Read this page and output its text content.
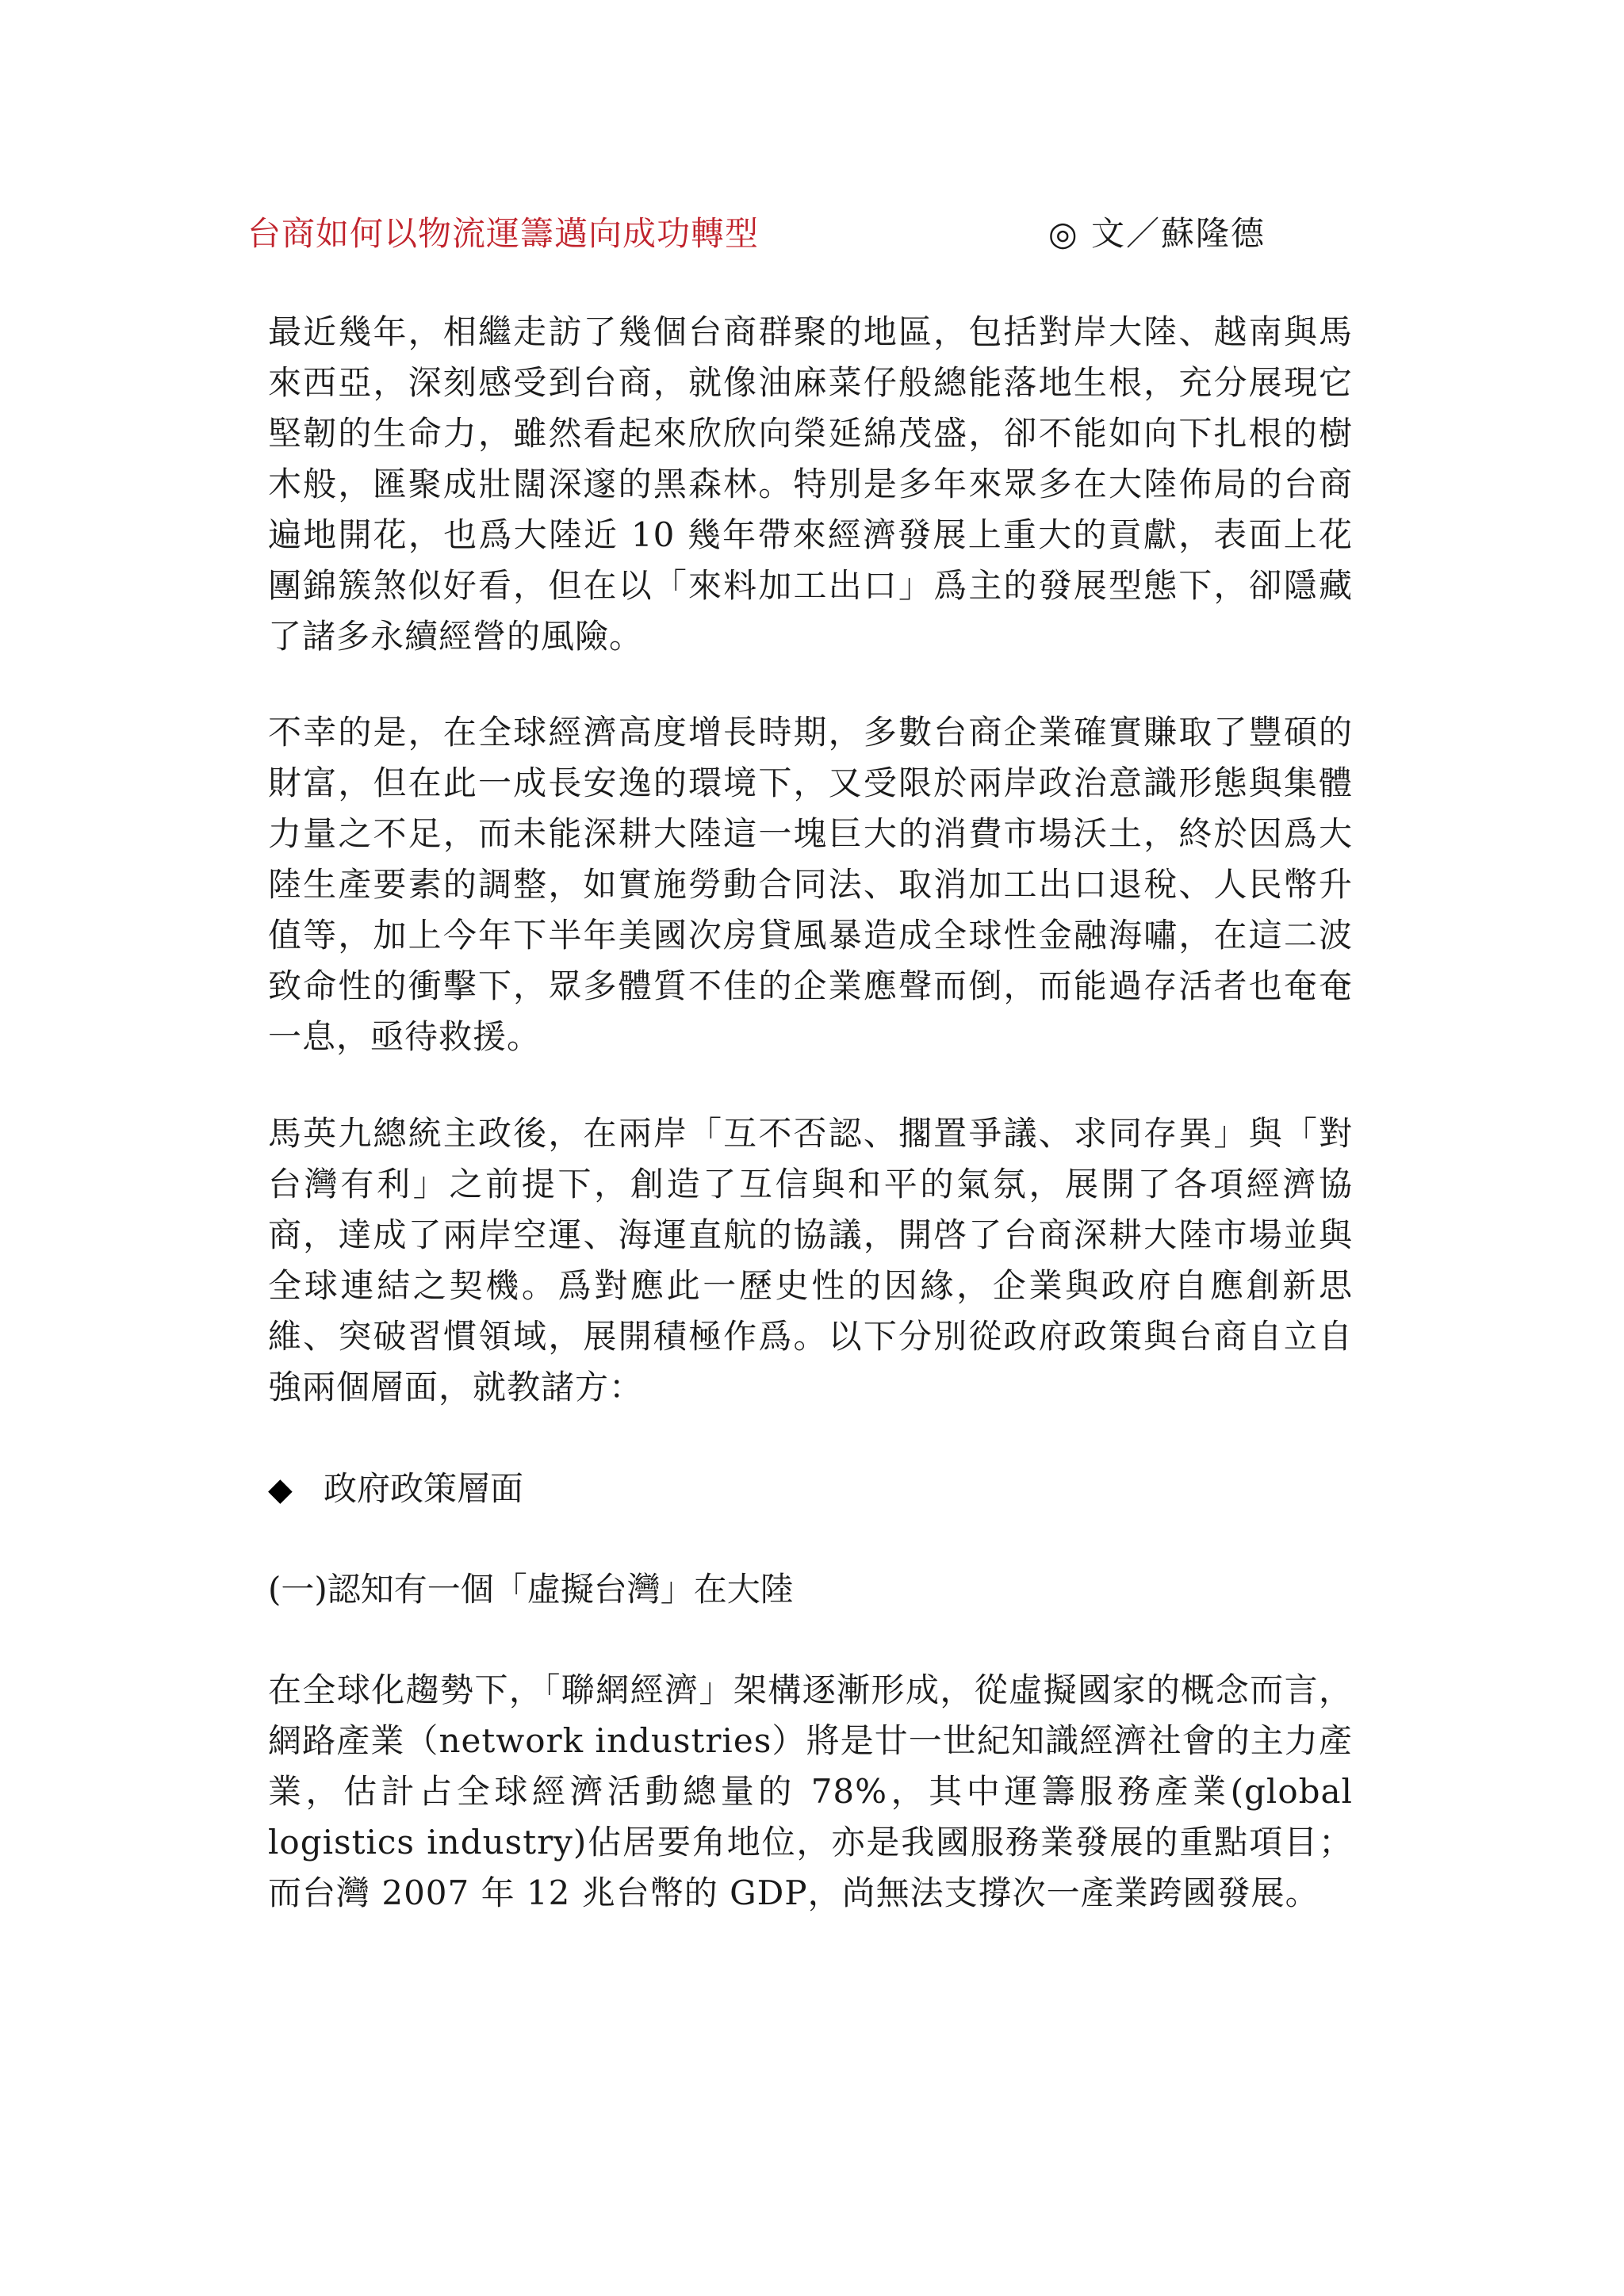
台商如何以物流運籌邁向成功轉型	◎ 文／蘇隆德

最近幾年，相繼走訪了幾個台商群聚的地區，包括對岸大陸、越南與馬來西亞，深刻感受到台商，就像油麻菜仔般總能落地生根，充分展現它堅韌的生命力，雖然看起來欣欣向榮延綿茂盛，卻不能如向下扎根的樹木般，匯聚成壯闊深邃的黑森林。特別是多年來眾多在大陸佈局的台商遍地開花，也爲大陸近 10 幾年帶來經濟發展上重大的貢獻，表面上花團錦簇煞似好看，但在以「來料加工出口」爲主的發展型態下，卻隱藏了諸多永續經營的風險。

不幸的是，在全球經濟高度增長時期，多數台商企業確實賺取了豐碩的財富，但在此一成長安逸的環境下，又受限於兩岸政治意識形態與集體力量之不足，而未能深耕大陸這一塊巨大的消費市場沃土，終於因爲大陸生產要素的調整，如實施勞動合同法、取消加工出口退稅、人民幣升值等，加上今年下半年美國次房貸風暴造成全球性金融海嘯，在這二波致命性的衝擊下，眾多體質不佳的企業應聲而倒，而能過存活者也奄奄一息，亟待救援。

馬英九總統主政後，在兩岸「互不否認、擱置爭議、求同存異」與「對台灣有利」之前提下，創造了互信與和平的氣氛，展開了各項經濟協商，達成了兩岸空運、海運直航的協議，開啓了台商深耕大陸市場並與全球連結之契機。爲對應此一歷史性的因緣，企業與政府自應創新思維、突破習慣領域，展開積極作爲。以下分別從政府政策與台商自立自強兩個層面，就教諸方：

◆ 政府政策層面
(一)認知有一個「虛擬台灣」在大陸

在全球化趨勢下，「聯網經濟」架構逐漸形成，從虛擬國家的概念而言，網路產業（network industries）將是廿一世紀知識經濟社會的主力產業，估計占全球經濟活動總量的 78%，其中運籌服務產業(global logistics industry)佔居要角地位，亦是我國服務業發展的重點項目；而台灣 2007 年 12 兆台幣的 GDP，尚無法支撐次一產業跨國發展。
